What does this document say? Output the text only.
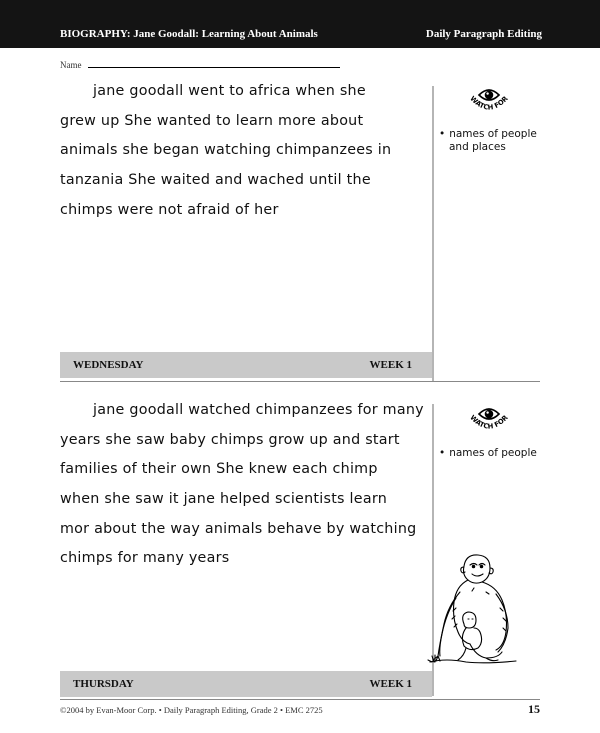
BIOGRAPHY: Jane Goodall: Learning About Animals	Daily Paragraph Editing
Name
jane goodall went to africa when she
grew up She wanted to learn more about
animals she began watching chimpanzees in
tanzania She waited and wached until the
chimps were not afraid of her
WATCH FOR
• names of people
and places
WEDNESDAY	WEEK 1
jane goodall watched chimpanzees for many
years she saw baby chimps grow up and start
families of their own She knew each chimp
when she saw it jane helped scientists learn
mor about the way animals behave by watching
chimps for many years
WATCH FOR
• names of people
THURSDAY	WEEK 1
©2004 by Evan-Moor Corp. • Daily Paragraph Editing, Grade 2 • EMC 2725	15
